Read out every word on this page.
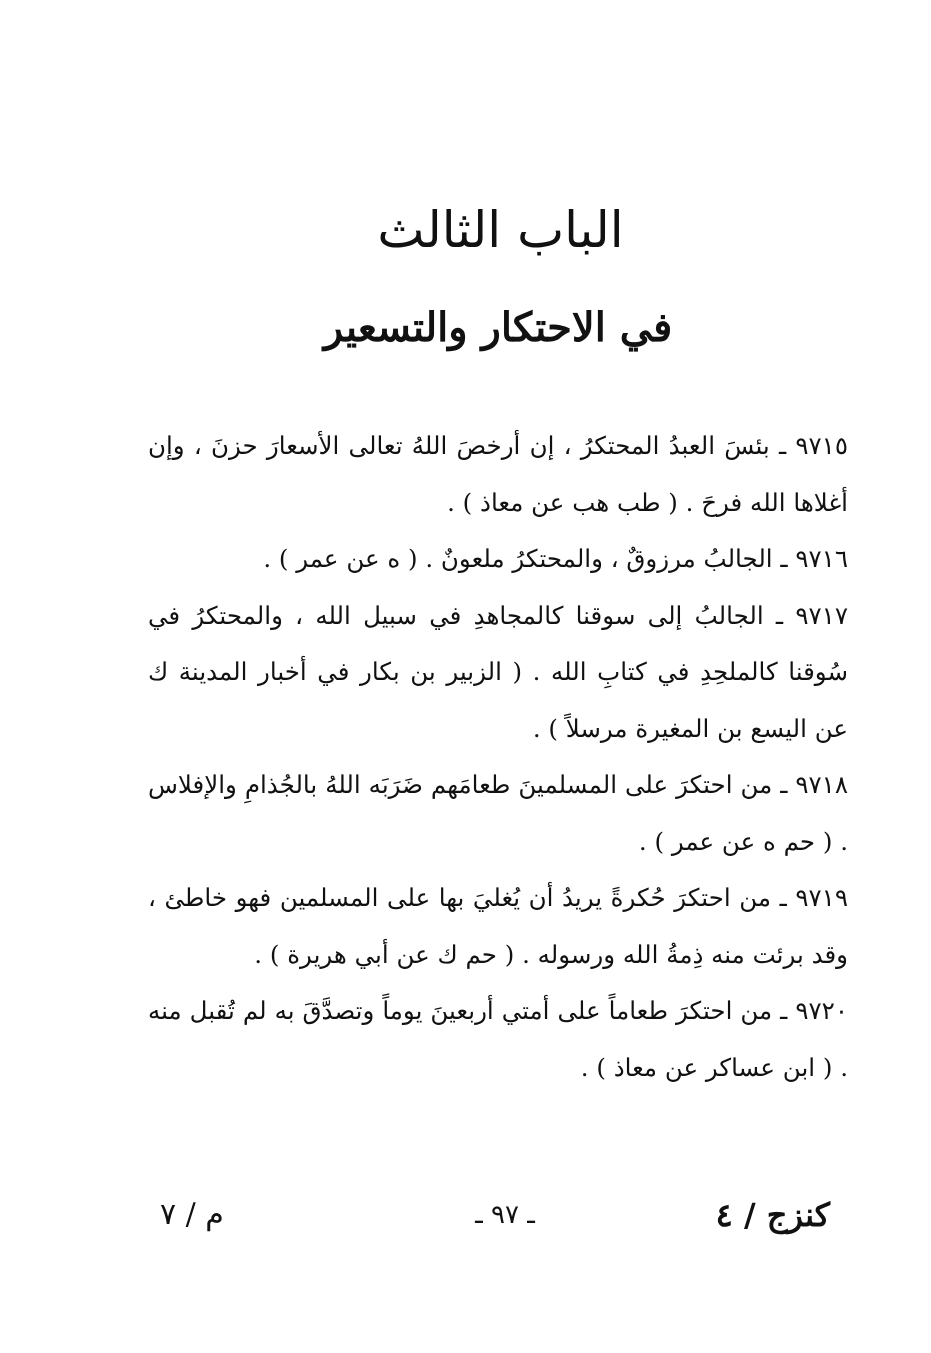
الباب الثالث
في الاحتكار والتسعير

٩٧١٥ ـ بئسَ العبدُ المحتكرُ ، إن أرخصَ اللهُ تعالى الأسعارَ حزنَ ، وإن أغلاها الله فرحَ . ( طب هب عن معاذ ) .

٩٧١٦ ـ الجالبُ مرزوقٌ ، والمحتكرُ ملعونٌ . ( ه عن عمر ) .

٩٧١٧ ـ الجالبُ إلى سوقنا كالمجاهدِ في سبيل الله ، والمحتكرُ في سُوقنا كالملحِدِ في كتابِ الله . ( الزبير بن بكار في أخبار المدينة ك عن اليسع بن المغيرة مرسلاً ) .

٩٧١٨ ـ من احتكرَ على المسلمينَ طعامَهم ضَرَبَه اللهُ بالجُذامِ والإفلاس . ( حم ه عن عمر ) .

٩٧١٩ ـ من احتكرَ حُكرةً يريدُ أن يُغليَ بها على المسلمين فهو خاطئ ، وقد برئت منه ذِمةُ الله ورسوله . ( حم ك عن أبي هريرة ) .

٩٧٢٠ ـ من احتكرَ طعاماً على أمتي أربعينَ يوماً وتصدَّقَ به لم تُقبل منه . ( ابن عساكر عن معاذ ) .

كنزج / ٤
ـ ٩٧ ـ
م / ٧
